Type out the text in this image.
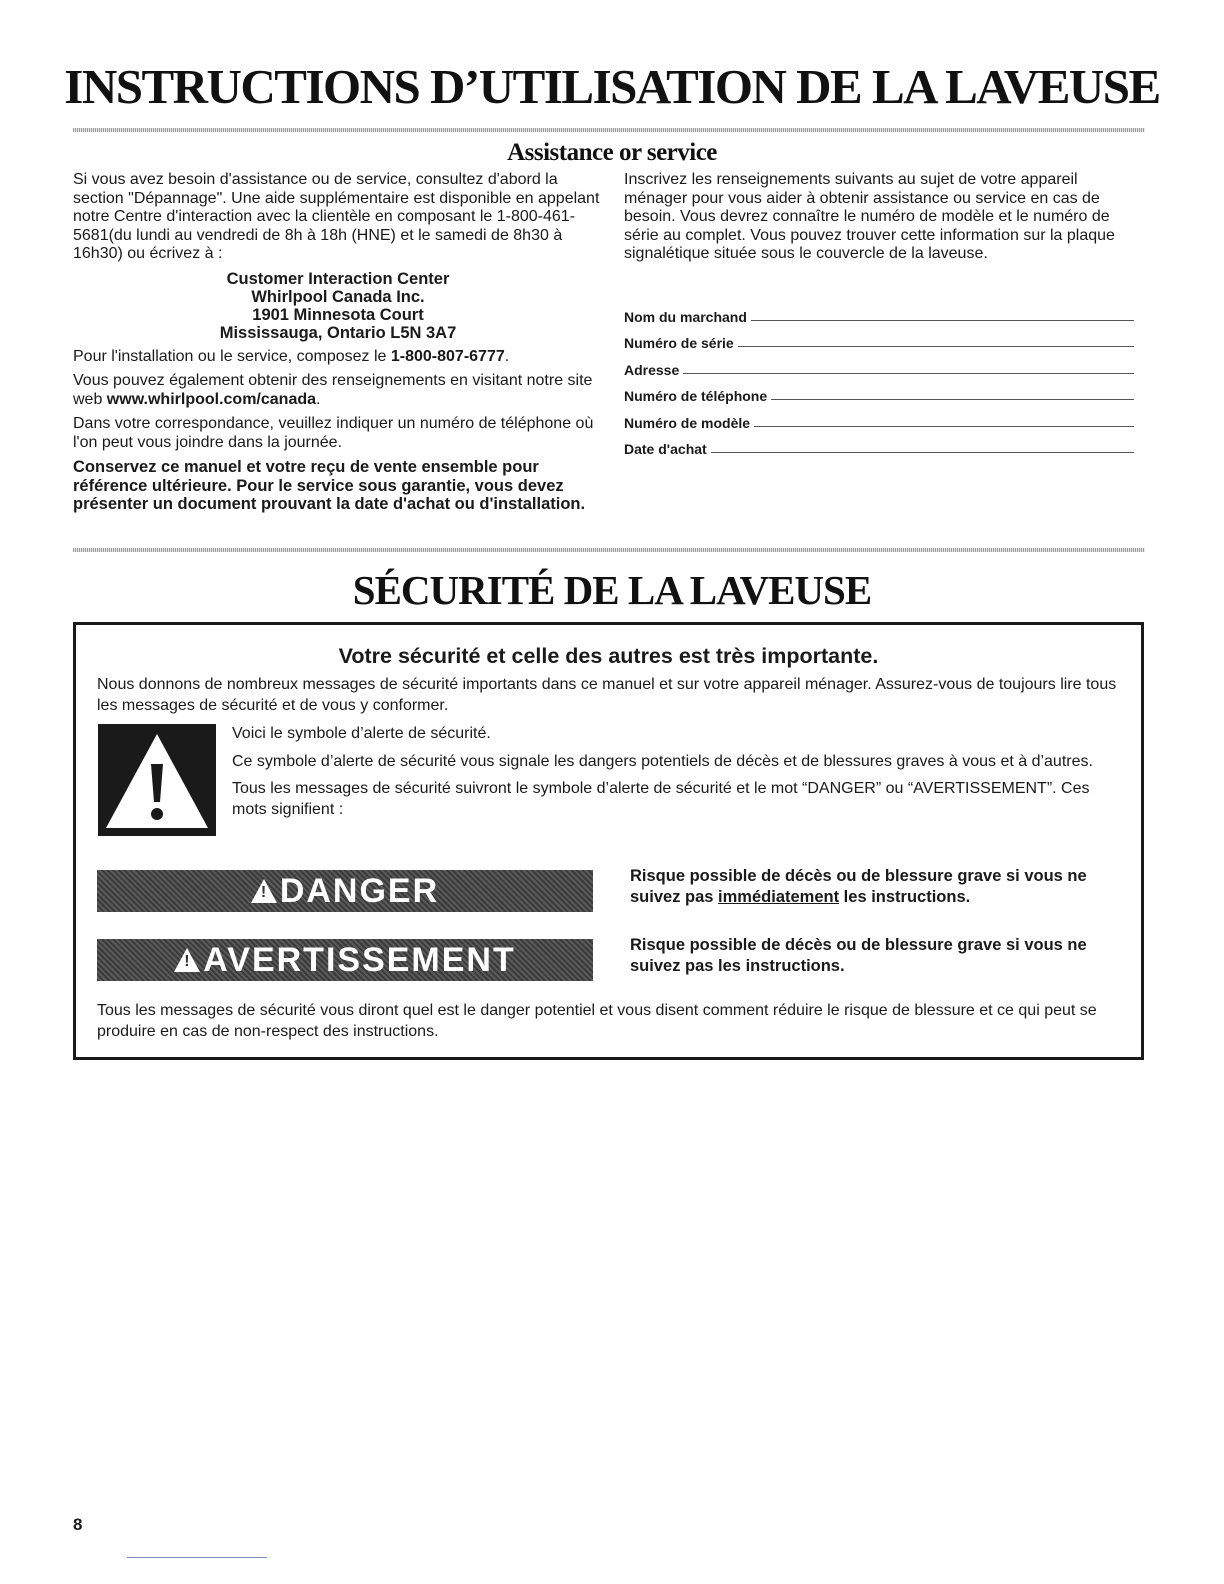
INSTRUCTIONS D’UTILISATION DE LA LAVEUSE
Assistance or service

Si vous avez besoin d'assistance ou de service, consultez d'abord la section "Dépannage". Une aide supplémentaire est disponible en appelant notre Centre d'interaction avec la clientèle en composant le 1-800-461-5681(du lundi au vendredi de 8h à 18h (HNE) et le samedi de 8h30 à 16h30) ou écrivez à :

Customer Interaction Center
Whirlpool Canada Inc.
1901 Minnesota Court
Mississauga, Ontario L5N 3A7

Pour l'installation ou le service, composez le 1-800-807-6777.

Vous pouvez également obtenir des renseignements en visitant notre site web www.whirlpool.com/canada.

Dans votre correspondance, veuillez indiquer un numéro de téléphone où l'on peut vous joindre dans la journée.

Conservez ce manuel et votre reçu de vente ensemble pour référence ultérieure. Pour le service sous garantie, vous devez présenter un document prouvant la date d'achat ou d'installation.

Inscrivez les renseignements suivants au sujet de votre appareil ménager pour vous aider à obtenir assistance ou service en cas de besoin. Vous devrez connaître le numéro de modèle et le numéro de série au complet. Vous pouvez trouver cette information sur la plaque signalétique située sous le couvercle de la laveuse.

Nom du marchand
Numéro de série
Adresse
Numéro de téléphone
Numéro de modèle
Date d'achat
SÉCURITÉ DE LA LAVEUSE
Votre sécurité et celle des autres est très importante.

Nous donnons de nombreux messages de sécurité importants dans ce manuel et sur votre appareil ménager. Assurez-vous de toujours lire tous les messages de sécurité et de vous y conformer.

Voici le symbole d’alerte de sécurité.

Ce symbole d’alerte de sécurité vous signale les dangers potentiels de décès et de blessures graves à vous et à d’autres.

Tous les messages de sécurité suivront le symbole d’alerte de sécurité et le mot “DANGER” ou “AVERTISSEMENT”. Ces mots signifient :

!
DANGER	Risque possible de décès ou de blessure grave si vous ne suivez pas immédiatement les instructions.

!
AVERTISSEMENT	Risque possible de décès ou de blessure grave si vous ne suivez pas les instructions.

Tous les messages de sécurité vous diront quel est le danger potentiel et vous disent comment réduire le risque de blessure et ce qui peut se produire en cas de non-respect des instructions.

8
